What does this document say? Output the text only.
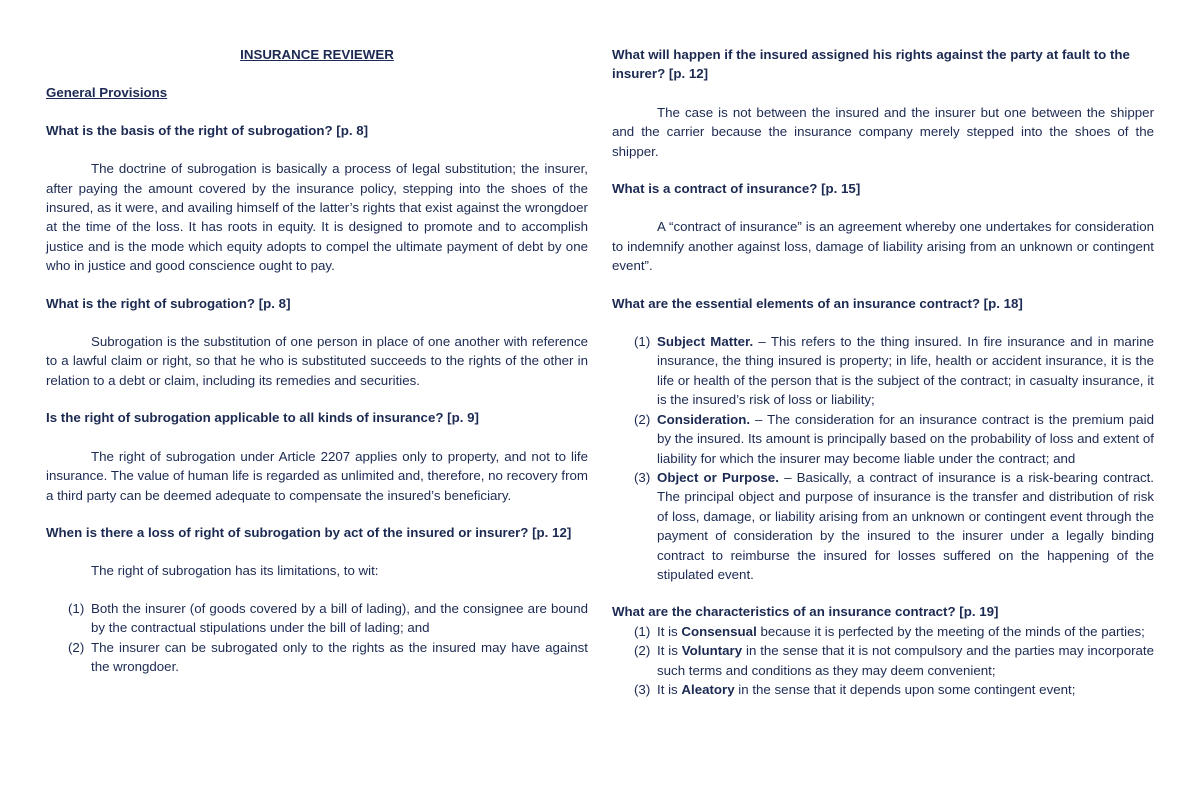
INSURANCE REVIEWER
General Provisions
What is the basis of the right of subrogation? [p. 8]
The doctrine of subrogation is basically a process of legal substitution; the insurer, after paying the amount covered by the insurance policy, stepping into the shoes of the insured, as it were, and availing himself of the latter’s rights that exist against the wrongdoer at the time of the loss. It has roots in equity. It is designed to promote and to accomplish justice and is the mode which equity adopts to compel the ultimate payment of debt by one who in justice and good conscience ought to pay.
What is the right of subrogation? [p. 8]
Subrogation is the substitution of one person in place of one another with reference to a lawful claim or right, so that he who is substituted succeeds to the rights of the other in relation to a debt or claim, including its remedies and securities.
Is the right of subrogation applicable to all kinds of insurance? [p. 9]
The right of subrogation under Article 2207 applies only to property, and not to life insurance. The value of human life is regarded as unlimited and, therefore, no recovery from a third party can be deemed adequate to compensate the insured’s beneficiary.
When is there a loss of right of subrogation by act of the insured or insurer? [p. 12]
The right of subrogation has its limitations, to wit:
(1) Both the insurer (of goods covered by a bill of lading), and the consignee are bound by the contractual stipulations under the bill of lading; and
(2) The insurer can be subrogated only to the rights as the insured may have against the wrongdoer.
What will happen if the insured assigned his rights against the party at fault to the insurer? [p. 12]
The case is not between the insured and the insurer but one between the shipper and the carrier because the insurance company merely stepped into the shoes of the shipper.
What is a contract of insurance? [p. 15]
A “contract of insurance” is an agreement whereby one undertakes for consideration to indemnify another against loss, damage of liability arising from an unknown or contingent event”.
What are the essential elements of an insurance contract? [p. 18]
(1) Subject Matter. – This refers to the thing insured. In fire insurance and in marine insurance, the thing insured is property; in life, health or accident insurance, it is the life or health of the person that is the subject of the contract; in casualty insurance, it is the insured’s risk of loss or liability;
(2) Consideration. – The consideration for an insurance contract is the premium paid by the insured. Its amount is principally based on the probability of loss and extent of liability for which the insurer may become liable under the contract; and
(3) Object or Purpose. – Basically, a contract of insurance is a risk-bearing contract. The principal object and purpose of insurance is the transfer and distribution of risk of loss, damage, or liability arising from an unknown or contingent event through the payment of consideration by the insured to the insurer under a legally binding contract to reimburse the insured for losses suffered on the happening of the stipulated event.
What are the characteristics of an insurance contract? [p. 19]
(1) It is Consensual because it is perfected by the meeting of the minds of the parties;
(2) It is Voluntary in the sense that it is not compulsory and the parties may incorporate such terms and conditions as they may deem convenient;
(3) It is Aleatory in the sense that it depends upon some contingent event;
